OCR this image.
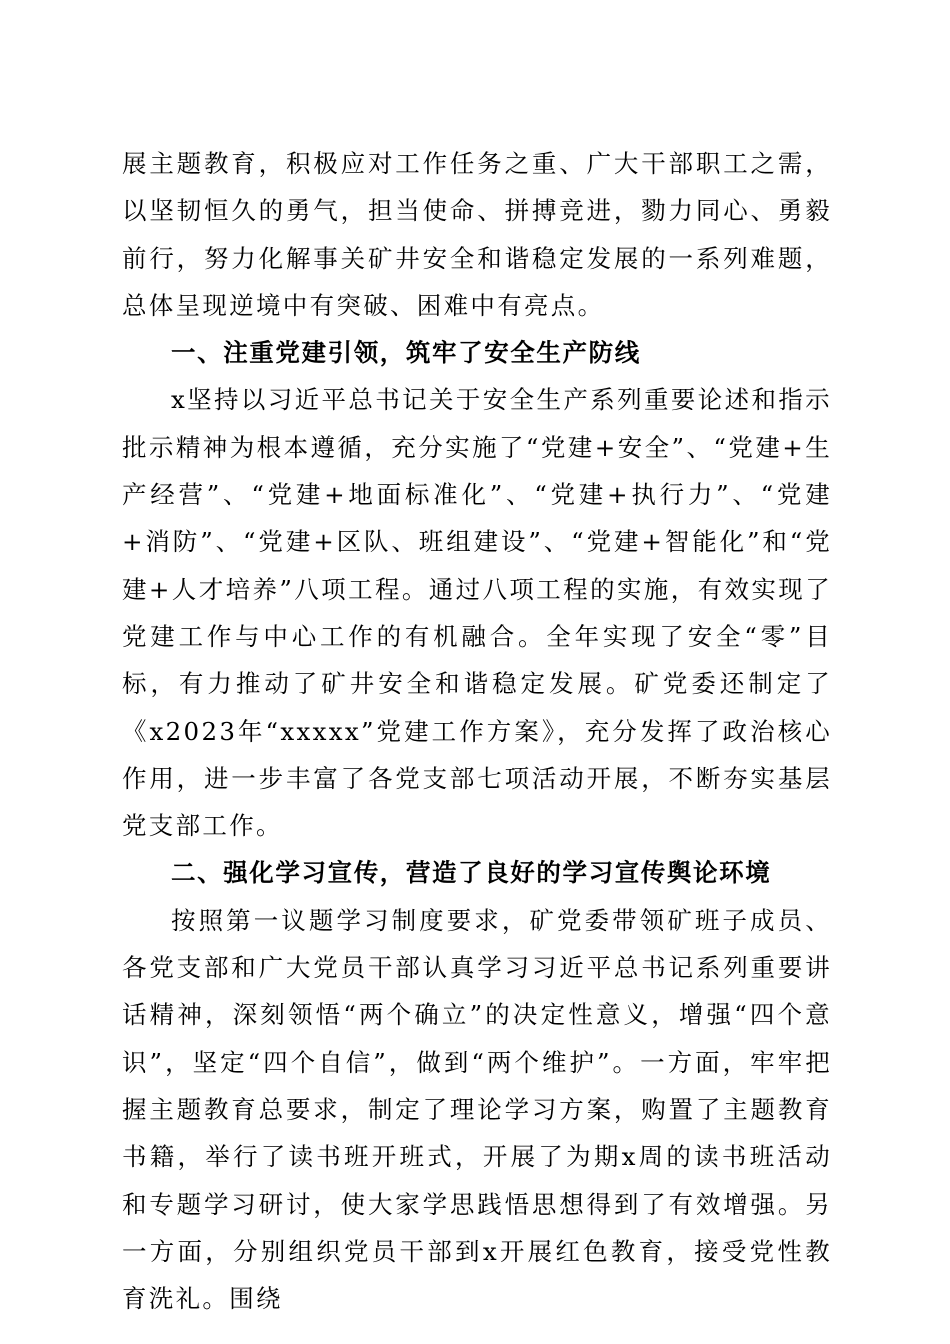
展主题教育，积极应对工作任务之重、广大干部职工之需，以坚韧恒久的勇气，担当使命、拼搏竞进，勠力同心、勇毅前行，努力化解事关矿井安全和谐稳定发展的一系列难题，总体呈现逆境中有突破、困难中有亮点。

一、注重党建引领，筑牢了安全生产防线

x坚持以习近平总书记关于安全生产系列重要论述和指示批示精神为根本遵循，充分实施了“党建+安全”、“党建+生产经营”、“党建+地面标准化”、“党建+执行力”、“党建+消防”、“党建+区队、班组建设”、“党建+智能化”和“党建+人才培养”八项工程。通过八项工程的实施，有效实现了党建工作与中心工作的有机融合。全年实现了安全“零”目标，有力推动了矿井安全和谐稳定发展。矿党委还制定了《x2023年“xxxxx”党建工作方案》，充分发挥了政治核心作用，进一步丰富了各党支部七项活动开展，不断夯实基层党支部工作。

二、强化学习宣传，营造了良好的学习宣传舆论环境

按照第一议题学习制度要求，矿党委带领矿班子成员、各党支部和广大党员干部认真学习习近平总书记系列重要讲话精神，深刻领悟“两个确立”的决定性意义，增强“四个意识”，坚定“四个自信”，做到“两个维护”。一方面，牢牢把握主题教育总要求，制定了理论学习方案，购置了主题教育书籍，举行了读书班开班式，开展了为期x周的读书班活动和专题学习研讨，使大家学思践悟思想得到了有效增强。另一方面，分别组织党员干部到x开展红色教育，接受党性教育洗礼。围绕
